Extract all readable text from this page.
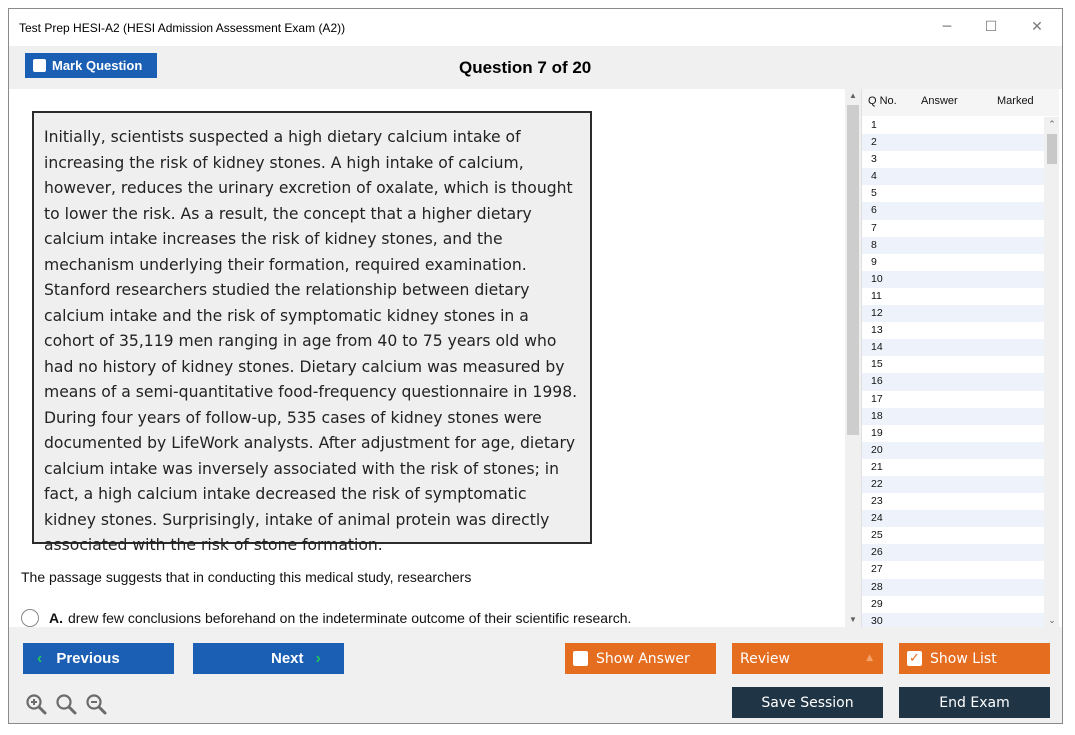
Test Prep HESI-A2 (HESI Admission Assessment Exam (A2))	─	☐	✕
Mark Question	Question 7 of 20

Initially, scientists suspected a high dietary calcium intake of increasing the risk of kidney stones. A high intake of calcium, however, reduces the urinary excretion of oxalate, which is thought to lower the risk. As a result, the concept that a higher dietary calcium intake increases the risk of kidney stones, and the mechanism underlying their formation, required examination. Stanford researchers studied the relationship between dietary calcium intake and the risk of symptomatic kidney stones in a cohort of 35,119 men ranging in age from 40 to 75 years old who had no history of kidney stones. Dietary calcium was measured by means of a semi-quantitative food-frequency questionnaire in 1998. During four years of follow-up, 535 cases of kidney stones were documented by LifeWork analysts. After adjustment for age, dietary calcium intake was inversely associated with the risk of stones; in fact, a high calcium intake decreased the risk of symptomatic kidney stones. Surprisingly, intake of animal protein was directly associated with the risk of stone formation.

The passage suggests that in conducting this medical study, researchers
A. drew few conclusions beforehand on the indeterminate outcome of their scientific research.
▲
▼
Q No. Answer	Marked
1
2
3
4
5
6
7
8
9
10
11
12
13
14
15
16
17
18
19
20
21
22
23
24
25
26
27
28
29
30
⌃
⌄
‹ Previous	Next ›	Show Answer	Review	▲	✓ Show List
Save Session	End Exam
